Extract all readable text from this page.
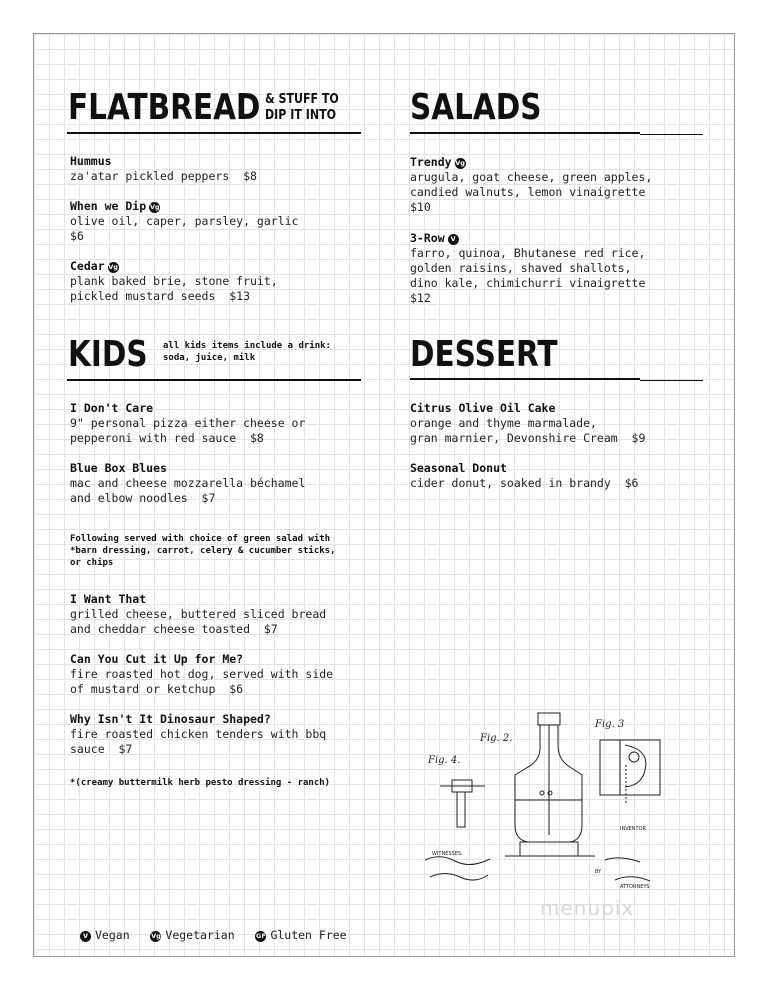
FLATBREAD & STUFF TO
DIP IT INTO
Hummus
za'atar pickled peppers  $8
When we Dip Vg
olive oil, caper, parsley, garlic
$6
Cedar Vg
plank baked brie, stone fruit,
pickled mustard seeds  $13
SALADS
Trendy Vg
arugula, goat cheese, green apples,
candied walnuts, lemon vinaigrette
$10
3-Row V
farro, quinoa, Bhutanese red rice,
golden raisins, shaved shallots,
dino kale, chimichurri vinaigrette
$12
KIDS all kids items include a drink:
soda, juice, milk
I Don't Care
9" personal pizza either cheese or
pepperoni with red sauce  $8
Blue Box Blues
mac and cheese mozzarella béchamel
and elbow noodles  $7
Following served with choice of green salad with
*barn dressing, carrot, celery & cucumber sticks,
or chips
I Want That
grilled cheese, buttered sliced bread
and cheddar cheese toasted  $7
Can You Cut it Up for Me?
fire roasted hot dog, served with side
of mustard or ketchup  $6
Why Isn't It Dinosaur Shaped?
fire roasted chicken tenders with bbq
sauce  $7
*(creamy buttermilk herb pesto dressing - ranch)
DESSERT
Citrus Olive Oil Cake
orange and thyme marmalade,
gran marnier, Devonshire Cream  $9
Seasonal Donut
cider donut, soaked in brandy  $6
Fig. 2.
Fig. 3
Fig. 4.
WITNESSES:
INVENTOR
BY
ATTORNEYS
menupix
V Vegan	Vg Vegetarian	GF Gluten Free
